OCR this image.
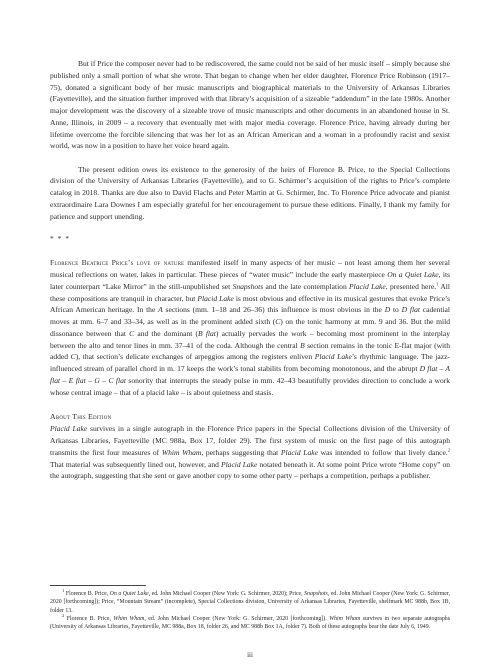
But if Price the composer never had to be rediscovered, the same could not be said of her music itself – simply because she published only a small portion of what she wrote. That began to change when her elder daughter, Florence Price Robinson (1917–75), donated a significant body of her music manuscripts and biographical materials to the University of Arkansas Libraries (Fayetteville), and the situation further improved with that library’s acquisition of a sizeable “addendum” in the late 1980s. Another major development was the discovery of a sizeable trove of music manuscripts and other documents in an abandoned house in St. Anne, Illinois, in 2009 – a recovery that eventually met with major media coverage. Florence Price, having already during her lifetime overcome the forcible silencing that was her lot as an African American and a woman in a profoundly racist and sexist world, was now in a position to have her voice heard again.

The present edition owes its existence to the generosity of the heirs of Florence B. Price, to the Special Collections division of the University of Arkansas Libraries (Fayetteville), and to G. Schirmer’s acquisition of the rights to Price’s complete catalog in 2018. Thanks are due also to David Flachs and Peter Martin at G. Schirmer, Inc. To Florence Price advocate and pianist extraordinaire Lara Downes I am especially grateful for her encouragement to pursue these editions. Finally, I thank my family for patience and support unending.

* * *

Florence Beatrice Price’s love of nature manifested itself in many aspects of her music – not least among them her several musical reflections on water, lakes in particular. These pieces of “water music” include the early masterpiece On a Quiet Lake, its later counterpart “Lake Mirror” in the still-unpublished set Snapshots and the late contemplation Placid Lake, presented here.$^1$ All these compositions are tranquil in character, but Placid Lake is most obvious and effective in its musical gestures that evoke Price’s African American heritage. In the A sections (mm. 1–18 and 26–36) this influence is most obvious in the D to D flat cadential moves at mm. 6–7 and 33–34, as well as in the prominent added sixth (C) on the tonic harmony at mm. 9 and 36. But the mild dissonance between that C and the dominant (B flat) actually pervades the work – becoming most prominent in the interplay between the alto and tenor lines in mm. 37–41 of the coda. Although the central B section remains in the tonic E-flat major (with added C), that section’s delicate exchanges of arpeggios among the registers enliven Placid Lake’s rhythmic language. The jazz-influenced stream of parallel chord in m. 17 keeps the work’s tonal stabilits from becoming monotonous, and the abrupt D flat – A flat – E flat – G – C flat sonority that interrupts the steady pulse in mm. 42–43 beautifully provides direction to conclude a work whose central image – that of a placid lake – is about quietness and stasis.

About This Edition

Placid Lake survives in a single autograph in the Florence Price papers in the Special Collections division of the University of Arkansas Libraries, Fayetteville (MC 988a, Box 17, folder 29). The first system of music on the first page of this autograph transmits the first four measures of Whim Wham, perhaps suggesting that Placid Lake was intended to follow that lively dance.$^2$ That material was subsequently lined out, however, and Placid Lake notated beneath it. At some point Price wrote “Home copy” on the autograph, suggesting that she sent or gave another copy to some other party – perhaps a competition, perhaps a publisher.

$^1$ Florence B. Price, On a Quiet Lake, ed. John Michael Cooper (New York: G. Schirmer, 2020); Price, Snapshots, ed. John Michael Cooper (New York: G. Schirmer, 2020 [forthcoming]); Price, “Mountain Stream” (incomplete), Special Collections division, University of Arkansas Libraries, Fayetteville, shelfmark MC 988b, Box 1B, folder 13.

$^2$ Florence B. Price, Whim Wham, ed. John Michael Cooper (New York: G. Schirmer, 2020 [forthcoming]). Whim Wham survives in two separate autographs (University of Arkansas Libraries, Fayetteville, MC 988a, Box 18, folder 26, and MC 988b Box 1A, folder 7). Both of these autographs bear the date July 6, 1949.

iii
